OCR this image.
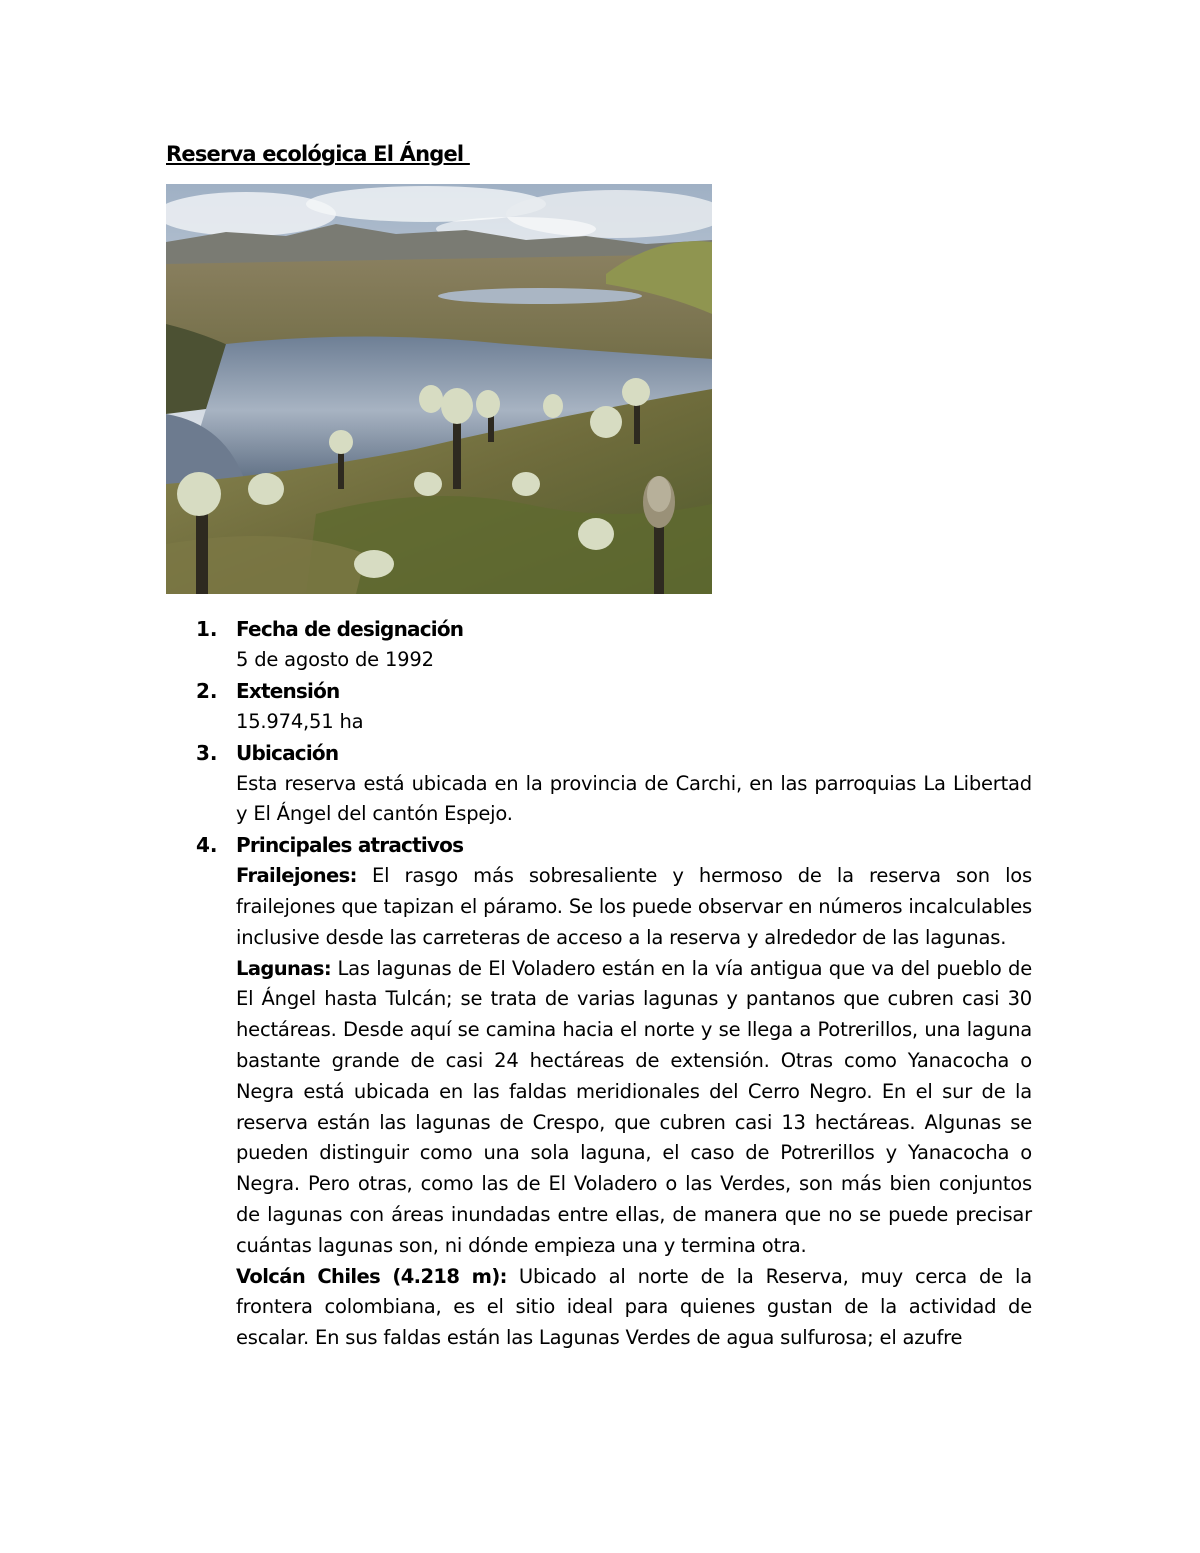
Reserva ecológica El Ángel
1. Fecha de designación

5 de agosto de 1992

2. Extensión

15.974,51 ha

3. Ubicación

Esta reserva está ubicada en la provincia de Carchi, en las parroquias La Libertad y El Ángel del cantón Espejo.

4. Principales atractivos

Frailejones: El rasgo más sobresaliente y hermoso de la reserva son los frailejones que tapizan el páramo. Se los puede observar en números incalculables inclusive desde las carreteras de acceso a la reserva y alrededor de las lagunas.

Lagunas: Las lagunas de El Voladero están en la vía antigua que va del pueblo de El Ángel hasta Tulcán; se trata de varias lagunas y pantanos que cubren casi 30 hectáreas. Desde aquí se camina hacia el norte y se llega a Potrerillos, una laguna bastante grande de casi 24 hectáreas de extensión. Otras como Yanacocha o Negra está ubicada en las faldas meridionales del Cerro Negro. En el sur de la reserva están las lagunas de Crespo, que cubren casi 13 hectáreas. Algunas se pueden distinguir como una sola laguna, el caso de Potrerillos y Yanacocha o Negra. Pero otras, como las de El Voladero o las Verdes, son más bien conjuntos de lagunas con áreas inundadas entre ellas, de manera que no se puede precisar cuántas lagunas son, ni dónde empieza una y termina otra.

Volcán Chiles (4.218 m): Ubicado al norte de la Reserva, muy cerca de la frontera colombiana, es el sitio ideal para quienes gustan de la actividad de escalar. En sus faldas están las Lagunas Verdes de agua sulfurosa; el azufre
